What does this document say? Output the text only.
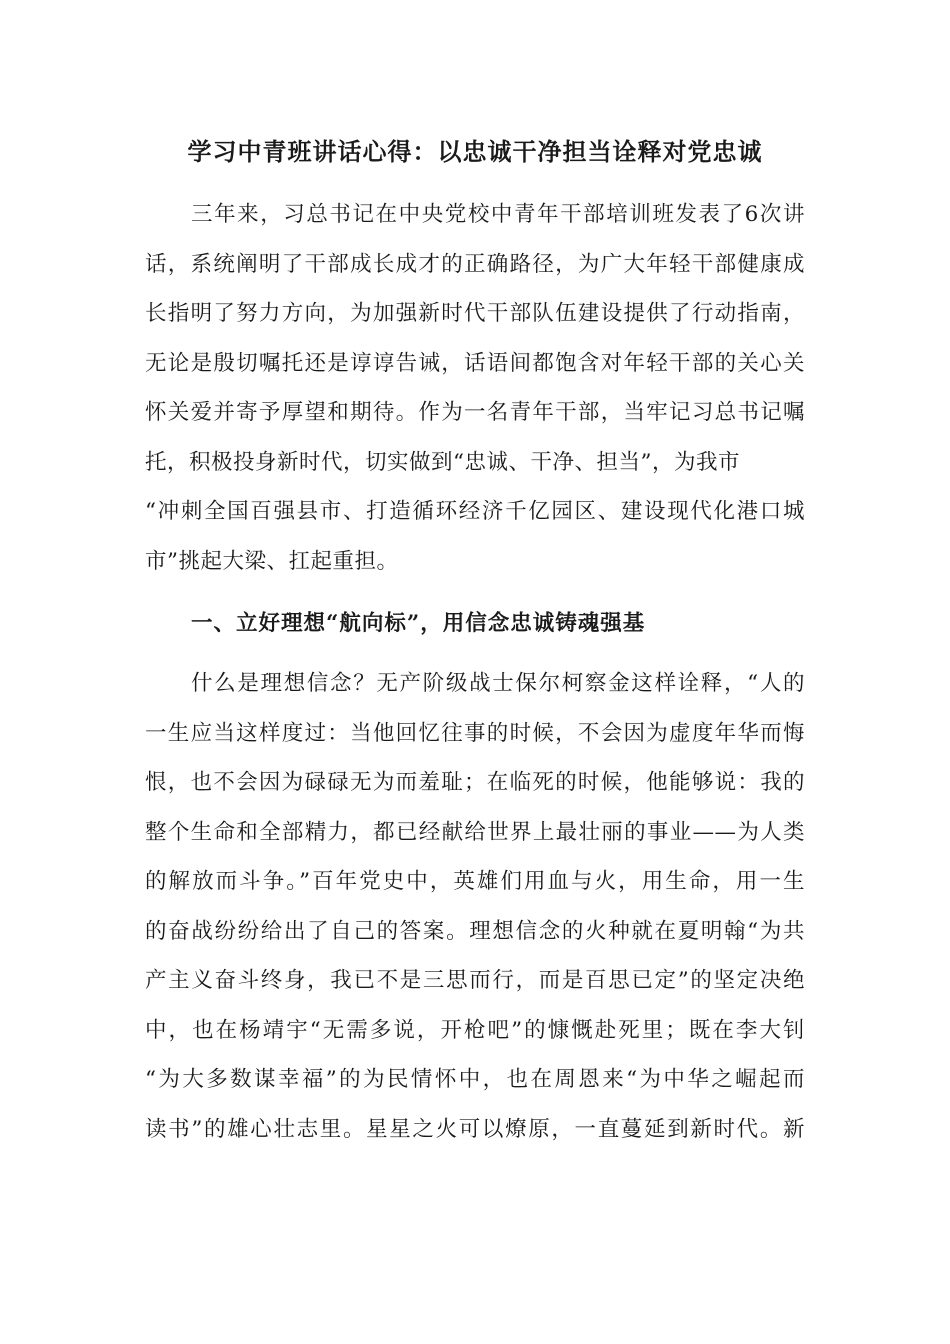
学习中青班讲话心得：以忠诚干净担当诠释对党忠诚
三年来，习总书记在中央党校中青年干部培训班发表了6次讲
话，系统阐明了干部成长成才的正确路径，为广大年轻干部健康成
长指明了努力方向，为加强新时代干部队伍建设提供了行动指南，
无论是殷切嘱托还是谆谆告诫，话语间都饱含对年轻干部的关心关
怀关爱并寄予厚望和期待。作为一名青年干部，当牢记习总书记嘱
托，积极投身新时代，切实做到“忠诚、干净、担当”，为我市
“冲刺全国百强县市、打造循环经济千亿园区、建设现代化港口城
市”挑起大梁、扛起重担。
一、立好理想“航向标”，用信念忠诚铸魂强基
什么是理想信念？无产阶级战士保尔柯察金这样诠释，“人的
一生应当这样度过：当他回忆往事的时候，不会因为虚度年华而悔
恨，也不会因为碌碌无为而羞耻；在临死的时候，他能够说：我的
整个生命和全部精力，都已经献给世界上最壮丽的事业——为人类
的解放而斗争。”百年党史中，英雄们用血与火，用生命，用一生
的奋战纷纷给出了自己的答案。理想信念的火种就在夏明翰“为共
产主义奋斗终身，我已不是三思而行，而是百思已定”的坚定决绝
中，也在杨靖宇“无需多说，开枪吧”的慷慨赴死里；既在李大钊
“为大多数谋幸福”的为民情怀中，也在周恩来“为中华之崛起而
读书”的雄心壮志里。星星之火可以燎原，一直蔓延到新时代。新
